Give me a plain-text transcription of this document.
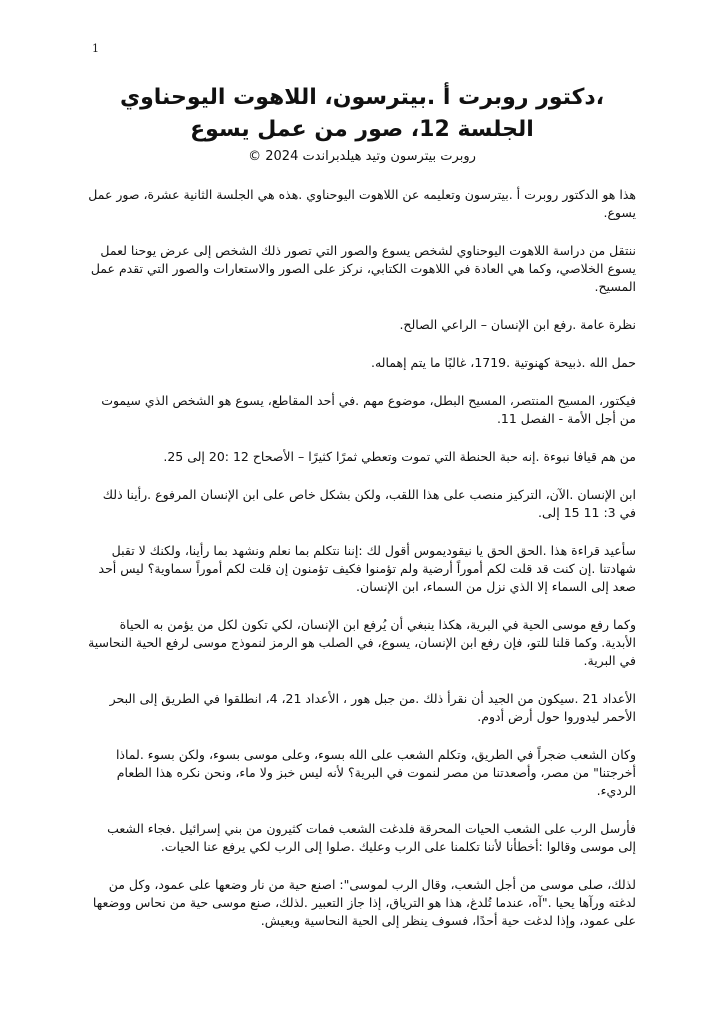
1
،دكتور روبرت أ .بيترسون، اللاهوت اليوحناوي
الجلسة 12، صور من عمل يسوع
روبرت بيترسون وتيد هيلدبراندت 2024 ©

هذا هو الدكتور روبرت أ .بيترسون وتعليمه عن اللاهوت اليوحناوي .هذه هي الجلسة الثانية عشرة، صور عمل يسوع.

ننتقل من دراسة اللاهوت اليوحناوي لشخص يسوع والصور التي تصور ذلك الشخص إلى عرض يوحنا لعمل يسوع الخلاصي، وكما هي العادة في اللاهوت الكتابي، نركز على الصور والاستعارات والصور التي تقدم عمل المسيح.

نظرة عامة .رفع ابن الإنسان – الراعي الصالح.

حمل الله .ذبيحة كهنوتية .1719، غالبًا ما يتم إهماله.

فيكتور، المسيح المنتصر، المسيح البطل، موضوع مهم .في أحد المقاطع، يسوع هو الشخص الذي سيموت من أجل الأمة - الفصل 11.

من هم قيافا نبوءة .إنه حبة الحنطة التي تموت وتعطي ثمرًا كثيرًا – الأصحاح 12 :20 إلى 25.

ابن الإنسان .الآن، التركيز منصب على هذا اللقب، ولكن بشكل خاص على ابن الإنسان المرفوع .رأينا ذلك في 3: 11 15 إلى.

سأعيد قراءة هذا .الحق الحق يا نيقوديموس أقول لك :إننا نتكلم بما نعلم ونشهد بما رأينا، ولكنك لا تقبل شهادتنا .إن كنت قد قلت لكم أموراً أرضية ولم تؤمنوا فكيف تؤمنون إن قلت لكم أموراً سماوية؟ ليس أحد صعد إلى السماء إلا الذي نزل من السماء، ابن الإنسان.

وكما رفع موسى الحية في البرية، هكذا ينبغي أن يُرفع ابن الإنسان، لكي تكون لكل من يؤمن به الحياة الأبدية. وكما قلنا للتو، فإن رفع ابن الإنسان، يسوع، في الصلب هو الرمز لنموذج موسى لرفع الحية النحاسية في البرية.

الأعداد 21 .سيكون من الجيد أن نقرأ ذلك .من جبل هور ، الأعداد 21، 4، انطلقوا في الطريق إلى البحر الأحمر ليدوروا حول أرض أدوم.

وكان الشعب ضجراً في الطريق، وتكلم الشعب على الله بسوء، وعلى موسى بسوء، ولكن بسوء .لماذا أخرجتنا" من مصر، وأصعدتنا من مصر لنموت في البرية؟ لأنه ليس خبز ولا ماء، ونحن نكره هذا الطعام الرديء.

فأرسل الرب على الشعب الحيات المحرقة فلدغت الشعب فمات كثيرون من بني إسرائيل .فجاء الشعب إلى موسى وقالوا :أخطأنا لأننا تكلمنا على الرب وعليك .صلوا إلى الرب لكي يرفع عنا الحيات.

لذلك، صلى موسى من أجل الشعب، وقال الرب لموسى": اصنع حية من نار وضعها على عمود، وكل من لدغته ورآها يحيا ."آه، عندما تُلدغ، هذا هو الترياق، إذا جاز التعبير .لذلك، صنع موسى حية من نحاس ووضعها على عمود، وإذا لدغت حية أحدًا، فسوف ينظر إلى الحية النحاسية ويعيش.
